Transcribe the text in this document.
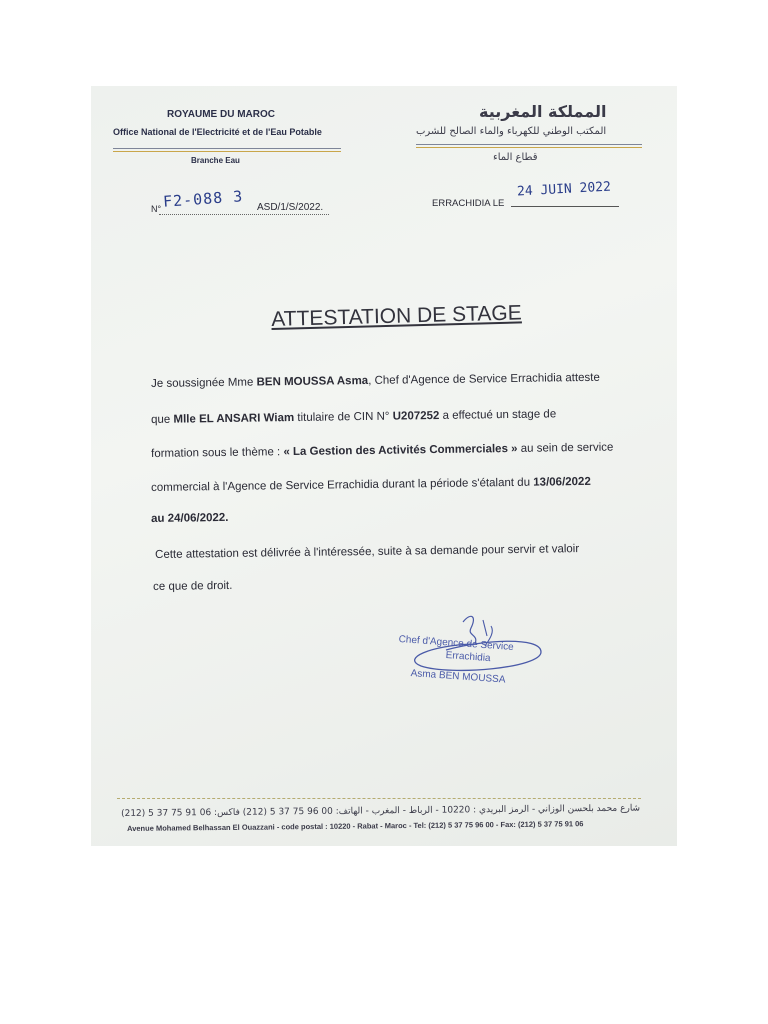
ROYAUME DU MAROC
Office National de l'Electricité et de l'Eau Potable
Branche Eau
المملكة المغربية
المكتب الوطني للكهرباء والماء الصالح للشرب
قطاع الماء
N° F2-088 3 ASD/1/S/2022.	ERRACHIDIA LE
24 JUIN 2022
ATTESTATION DE STAGE
Je soussignée Mme BEN MOUSSA Asma, Chef d'Agence de Service Errachidia atteste
que Mlle EL ANSARI Wiam titulaire de CIN N° U207252 a effectué un stage de
formation sous le thème : « La Gestion des Activités Commerciales » au sein de service
commercial à l'Agence de Service Errachidia durant la période s'étalant du 13/06/2022
au 24/06/2022.
Cette attestation est délivrée à l'intéressée, suite à sa demande pour servir et valoir
ce que de droit.
Chef d'Agence de Service
Errachidia
Asma BEN MOUSSA
شارع محمد بلحسن الوزاني - الرمز البريدي : 10220 - الرباط - المغرب - الهاتف: 00 96 75 37 5 (212) فاكس: 06 91 75 37 5 (212)
Avenue Mohamed Belhassan El Ouazzani - code postal : 10220 - Rabat - Maroc - Tel: (212) 5 37 75 96 00 - Fax: (212) 5 37 75 91 06
